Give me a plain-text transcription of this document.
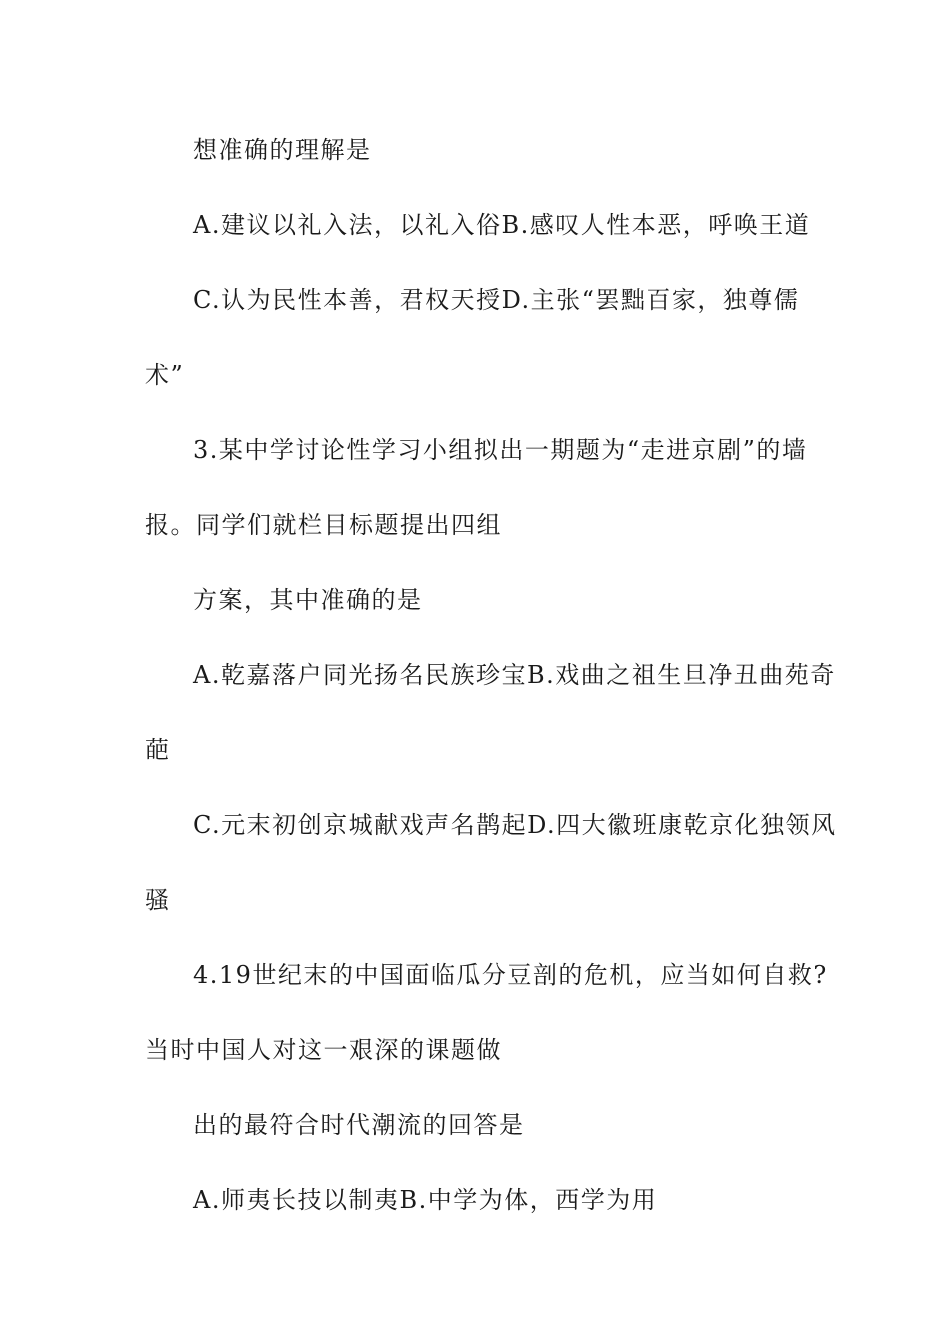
想准确的理解是
A.建议以礼入法，以礼入俗B.感叹人性本恶，呼唤王道
C.认为民性本善，君权天授D.主张“罢黜百家，独尊儒
术”
3.某中学讨论性学习小组拟出一期题为“走进京剧”的墙
报。同学们就栏目标题提出四组
方案，其中准确的是
A.乾嘉落户同光扬名民族珍宝B.戏曲之祖生旦净丑曲苑奇
葩
C.元末初创京城献戏声名鹊起D.四大徽班康乾京化独领风
骚
4.19世纪末的中国面临瓜分豆剖的危机，应当如何自救?
当时中国人对这一艰深的课题做
出的最符合时代潮流的回答是
A.师夷长技以制夷B.中学为体，西学为用
